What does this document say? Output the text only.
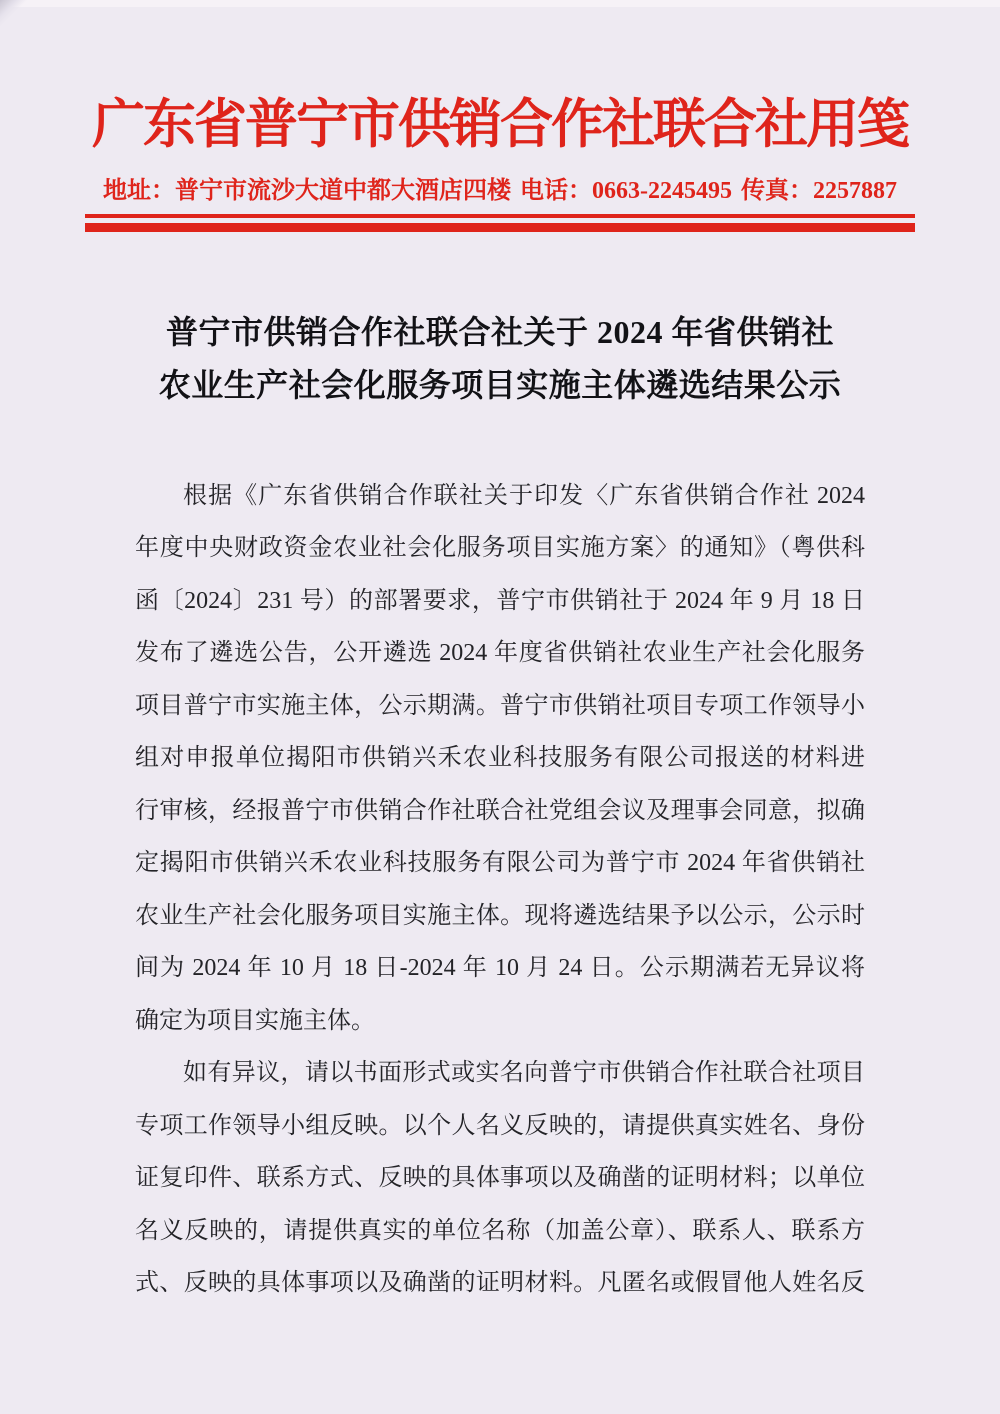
广东省普宁市供销合作社联合社用笺
地址：普宁市流沙大道中都大酒店四楼 电话：0663-2245495 传真：2257887
普宁市供销合作社联合社关于 2024 年省供销社
农业生产社会化服务项目实施主体遴选结果公示
根据《广东省供销合作联社关于印发〈广东省供销合作社 2024
年度中央财政资金农业社会化服务项目实施方案〉的通知》（粤供科
函〔2024〕231 号）的部署要求，普宁市供销社于 2024 年 9 月 18 日
发布了遴选公告，公开遴选 2024 年度省供销社农业生产社会化服务
项目普宁市实施主体，公示期满。普宁市供销社项目专项工作领导小
组对申报单位揭阳市供销兴禾农业科技服务有限公司报送的材料进
行审核，经报普宁市供销合作社联合社党组会议及理事会同意，拟确
定揭阳市供销兴禾农业科技服务有限公司为普宁市 2024 年省供销社
农业生产社会化服务项目实施主体。现将遴选结果予以公示，公示时
间为 2024 年 10 月 18 日-2024 年 10 月 24 日。公示期满若无异议将
确定为项目实施主体。
如有异议，请以书面形式或实名向普宁市供销合作社联合社项目
专项工作领导小组反映。以个人名义反映的，请提供真实姓名、身份
证复印件、联系方式、反映的具体事项以及确凿的证明材料；以单位
名义反映的，请提供真实的单位名称（加盖公章）、联系人、联系方
式、反映的具体事项以及确凿的证明材料。凡匿名或假冒他人姓名反
